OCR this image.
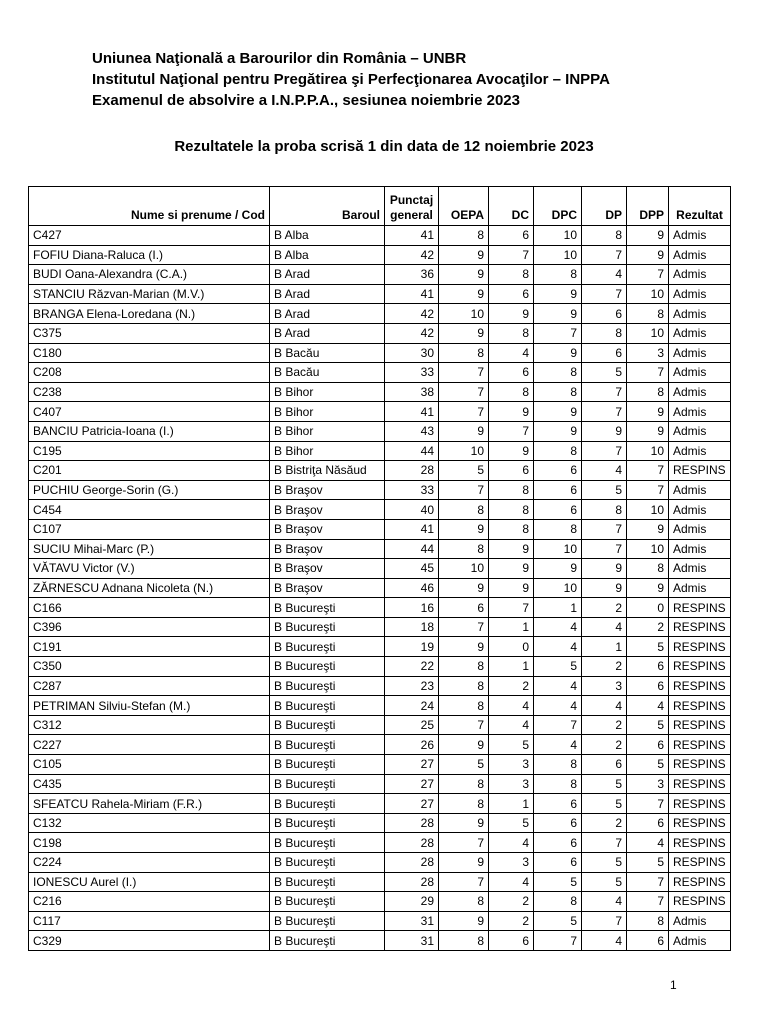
Uniunea Naţională a Barourilor din România – UNBR
Institutul Naţional pentru Pregătirea şi Perfecţionarea Avocaţilor – INPPA
Examenul de absolvire a I.N.P.P.A., sesiunea noiembrie 2023
Rezultatele la proba scrisă 1 din data de 12 noiembrie 2023
Nume si prenume / Cod	Baroul	Punctaj general	OEPA	DC	DPC	DP	DPP	Rezultat
C427	B Alba	41	8	6	10	8	9	Admis
FOFIU Diana-Raluca (I.)	B Alba	42	9	7	10	7	9	Admis
BUDI Oana-Alexandra (C.A.)	B Arad	36	9	8	8	4	7	Admis
STANCIU Răzvan-Marian (M.V.)	B Arad	41	9	6	9	7	10	Admis
BRANGA Elena-Loredana (N.)	B Arad	42	10	9	9	6	8	Admis
C375	B Arad	42	9	8	7	8	10	Admis
C180	B Bacău	30	8	4	9	6	3	Admis
C208	B Bacău	33	7	6	8	5	7	Admis
C238	B Bihor	38	7	8	8	7	8	Admis
C407	B Bihor	41	7	9	9	7	9	Admis
BANCIU Patricia-Ioana (I.)	B Bihor	43	9	7	9	9	9	Admis
C195	B Bihor	44	10	9	8	7	10	Admis
C201	B Bistriţa Năsăud	28	5	6	6	4	7	RESPINS
PUCHIU George-Sorin (G.)	B Braşov	33	7	8	6	5	7	Admis
C454	B Braşov	40	8	8	6	8	10	Admis
C107	B Braşov	41	9	8	8	7	9	Admis
SUCIU Mihai-Marc (P.)	B Braşov	44	8	9	10	7	10	Admis
VĂTAVU Victor (V.)	B Braşov	45	10	9	9	9	8	Admis
ZĂRNESCU Adnana Nicoleta (N.)	B Braşov	46	9	9	10	9	9	Admis
C166	B Bucureşti	16	6	7	1	2	0	RESPINS
C396	B Bucureşti	18	7	1	4	4	2	RESPINS
C191	B Bucureşti	19	9	0	4	1	5	RESPINS
C350	B Bucureşti	22	8	1	5	2	6	RESPINS
C287	B Bucureşti	23	8	2	4	3	6	RESPINS
PETRIMAN Silviu-Stefan (M.)	B Bucureşti	24	8	4	4	4	4	RESPINS
C312	B Bucureşti	25	7	4	7	2	5	RESPINS
C227	B Bucureşti	26	9	5	4	2	6	RESPINS
C105	B Bucureşti	27	5	3	8	6	5	RESPINS
C435	B Bucureşti	27	8	3	8	5	3	RESPINS
SFEATCU Rahela-Miriam (F.R.)	B Bucureşti	27	8	1	6	5	7	RESPINS
C132	B Bucureşti	28	9	5	6	2	6	RESPINS
C198	B Bucureşti	28	7	4	6	7	4	RESPINS
C224	B Bucureşti	28	9	3	6	5	5	RESPINS
IONESCU Aurel (I.)	B Bucureşti	28	7	4	5	5	7	RESPINS
C216	B Bucureşti	29	8	2	8	4	7	RESPINS
C117	B Bucureşti	31	9	2	5	7	8	Admis
C329	B Bucureşti	31	8	6	7	4	6	Admis
1
